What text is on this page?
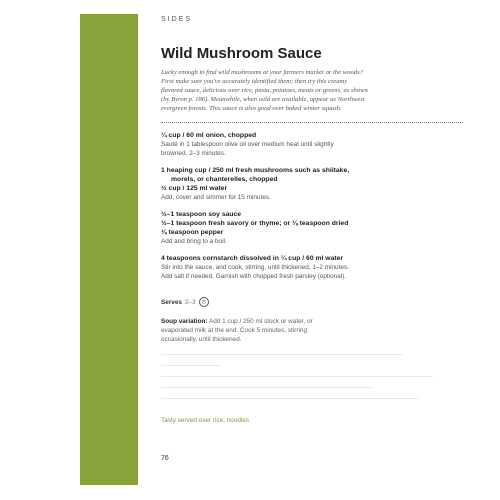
SIDES
Wild Mushroom Sauce
Lucky enough to find wild mushrooms at your farmers market or the woods?
First make sure you've accurately identified them; then try this creamy
flavored sauce, delicious over rice, pasta, potatoes, meats or greens, as shown
(by Byron p. 186). Meanwhile, when wild are available, appear as Northwest
evergreen forests. This sauce is also good over baked winter squash.
¼ cup / 60 ml onion, chopped
Sauté in 1 tablespoon olive oil over medium heat until slightly
browned, 2–3 minutes.
1 heaping cup / 250 ml fresh mushrooms such as shiitake,
morels, or chanterelles, chopped
½ cup / 125 ml water
Add, cover and simmer for 15 minutes.
½–1 teaspoon soy sauce
½–1 teaspoon fresh savory or thyme; or ⅛ teaspoon dried
⅛ teaspoon pepper
Add and bring to a boil.
4 teaspoons cornstarch dissolved in ¼ cup / 60 ml water
Stir into the sauce, and cook, stirring, until thickened, 1–2 minutes.
Add salt if needed. Garnish with chopped fresh parsley (optional).
Serves 2–3	◷
Soup variation: Add 1 cup / 250 ml stock or water, or
evaporated milk at the end. Cook 5 minutes, stirring
occasionally, until thickened.
Tasty served over rice, noodles
76
